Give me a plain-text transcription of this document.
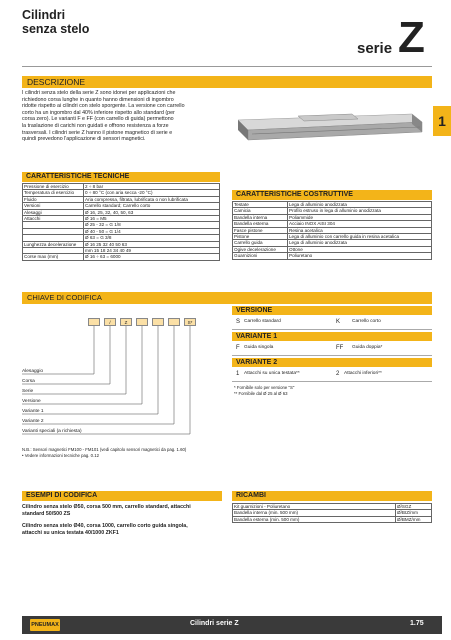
Cilindri
senza stelo
serie Z
1
DESCRIZIONE
I cilindri senza stelo della serie Z sono idonei per applicazioni che
richiedono corsa lunghe in quanto hanno dimensioni di ingombro
ridotte rispetto ai cilindri con stelo sporgente. La versione con carrello
corto ha un ingombro dal 40% inferiore rispetto allo standard (per
corsa zero). Le varianti F e FF (con carrello di guida) permettono
la traslazione di carichi non guidati e offrono resistenza a forze
trasversali. I cilindri serie Z hanno il pistone magnetico di serie e
quindi prevedono l'applicazione di sensori magnetici.
CARATTERISTICHE TECNICHE
Pressione di esercizio	2 ÷ 8 bar
Temperatura di esercizio	0 ÷ 80 °C (con aria secca -20 °C)
Fluido	Aria compressa, filtrata, lubrificata o non lubrificata
Versioni	Carrello standard; Carrello corto
Alesaggi	Ø 16, 25, 32, 40, 50, 63
Attacchi	Ø 16 = M5
	Ø 25 - 32 = G 1/8
	Ø 40 - 50 = G 1/4
	Ø 63 = G 3/8
Lunghezza decelerazione	Ø 16 25 32 40 50 63
	mm 15 18 24 34 40 49
Corse max (mm)	Ø 16 ÷ 63 = 6000
CARATTERISTICHE COSTRUTTIVE
Testate	Lega di alluminio anodizzata
Camicia	Profilo estruso in lega di alluminio anodizzata
Bandella interna	Poliammide
Bandella esterna	Acciaio INOX AISI 304
Fasce pistone	Resina acetalica
Pistone	Lega di alluminio con carrello guida in resina acetalica
Carrello guida	Lega di alluminio anodizzata
Ogive decelerazione	Ottone
Guarnizioni	Poliuretano
CHIAVE DI CODIFICA
/	Z	S*
Alesaggio
Corsa
Serie
Versione
Variante 1
Variante 2
Varianti speciali (a richiesta)
N.B.: Sensori magnetici FM100 - FM101 (vedi capitolo sensori magnetici da pag. 1.60)
• Vedere informazioni tecniche pag. 0.12
VERSIONE
S Carrello standard	K Carrello corto
VARIANTE 1
F Guida singola	FF Guida doppia*
VARIANTE 2
1 Attacchi su unica testata**	2 Attacchi inferiori**
* Fornibile solo per versione "S"
** Fornibile dal Ø 25 al Ø 63
ESEMPI DI CODIFICA
Cilindro senza stelo Ø50, corsa 500 mm, carrello standard, attacchi
standard 50/500 ZS
Cilindro senza stelo Ø40, corsa 1000, carrello corto guida singola,
attacchi su unica testata 40/1000 ZKF1
RICAMBI
Kit guarnizioni - Poliuretano	Ø/SGZ
Bandella interna (min. 500 mm)	Ø/BIZ/mm
Bandella esterna (min. 500 mm)	Ø/BMZ/mm
PNEUMAX	Cilindri serie Z	1.75
